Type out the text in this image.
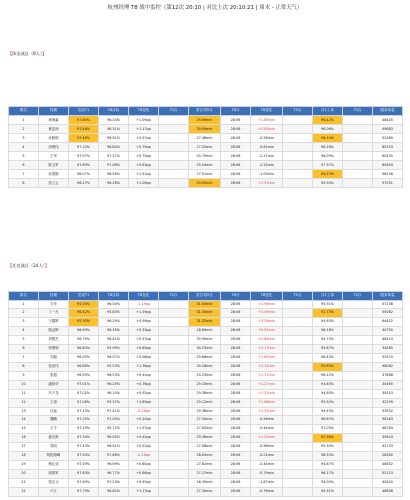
杭州经理 T8 战中监控（第12次 20:10 | 对比上次 20:10:21 | 周末 - 正常天气）
【陈龙战区（8人）】
排名	经理	完成T1	T8目标	T8变化	T5合	首日均5分	T8分	T8变化	T5合	月1工单	T5合	服务单量
1	章海霖	97.69%	96.33%	+1.09pp		29.69min	28:06	+1.63min		96.42%		48435
2	黄显涛	97.48%	96.31%	+1.17pp		30.09min	28:06	+2.03min		96.06%		49883
3	孙晓明	97.48%	96.91%	+0.57pp		27.48min	28:06	-0.58min		96.14%		52489
4	周俊伟	97.10%	96.84%	+0.75pp		27.25min	28:06	-0.81min		96.18%		80153
5	王军	97.97%	97.27%	+0.70pp		24.79min	28:06	-2.27min		98.09%		60435
6	陈卫军	97.69%	97.06%	+0.63pp		25.54min	28:06	-2.52min		97.37%		65604
7	孙国刚	98.07%	96.56%	+1.51pp		27.01min	28:06	-1.05min		94.23%		58208
8	张立云	96.27%	96.28%	+1.00pp		29.59min	28:06	+1.53min		95.50%		97051
【任也战区（24人）】
排名	经理	完成T1	T8目标	T8变化	T5合	首日均5分	T8分	T8变化	T5合	月1工单	T5合	服务单量
1	方华	95.35%	96.54%	-1.19pp		31.04min	28:06	+2.98min		95.91%		57238
2	丁一凡	96.42%	94.83%	+1.59pp		31.55min	28:06	+3.49min		92.73%		55062
3	王耀辉	95.30%	96.29%	+0.99pp		31.32min	28:06	+3.26min		95.63%		64452
4	陈远辉	96.69%	96.35%	+0.33pp		28.60min	28:06	+0.54min		96.16%		44750
5	刘俊杰	96.79%	96.42%	+0.37pp		30.90min	28:06	+2.84min		94.73%		48419
6	张俊明	96.84%	95.99%	+0.85pp		30.23min	28:06	+2.17min		95.87%		34485
7	刘磊	96.95%	96.97%	+0.08pp		29.68min	28:06	+1.62min		96.40%		52970
8	张爱伟	96.86%	95.53%	+1.36pp		30.18min	28:06	+2.12min		92.65%		46082
9	张超	96.95%	96.53%	+0.42pp		29.23min	28:06	+1.17min		96.12%		37868
10	潘林华	97.01%	96.25%	+0.76pp		29.33min	28:06	+1.27min		93.63%		34485
11	冯子龙	97.02%	96.10%	+0.92pp		29.38min	28:06	+1.32min		94.60%		39253
12	王涛	97.06%	95.37%	+1.69pp		29.12min	28:06	+1.06min		95.54%		32299
13	杜灿	97.13%	97.41%	-0.28pp		29.38min	28:06	+1.32min		94.40%		53932
14	魏鹏	97.25%	97.05%	+0.20pp		27.50min	28:06	-0.56min		96.67%		56163
15	王宇	97.29%	95.72%	+1.57pp		27.62min	28:06	-0.44min		97.05%		48764
16	盛光海	97.34%	96.92%	+0.42pp		29.36min	28:06	+1.30min		92.36%		39443
17	郭明	97.43%	96.91%	+0.52pp		27.08min	28:06	-0.98min		95.30%		42733
18	杨阳海峰	97.50%	97.66%	-0.16pp		28.05min	28:06	-0.01min		98.33%		28560
19	梅汇成	97.59%	96.99%	+0.60pp		27.62min	28:06	-0.44min		94.67%		48652
20	邢国军	97.63%	96.77%	+0.86pp		27.27min	28:06	-0.79min		96.17%		55123
21	张志元	97.69%	97.24%	+0.45pp		26.39min	28:06	-1.67min		95.00%		40420
22	卢江	97.79%	96.62%	+1.17pp		27.30min	28:06	-0.76min		94.31%		46608
